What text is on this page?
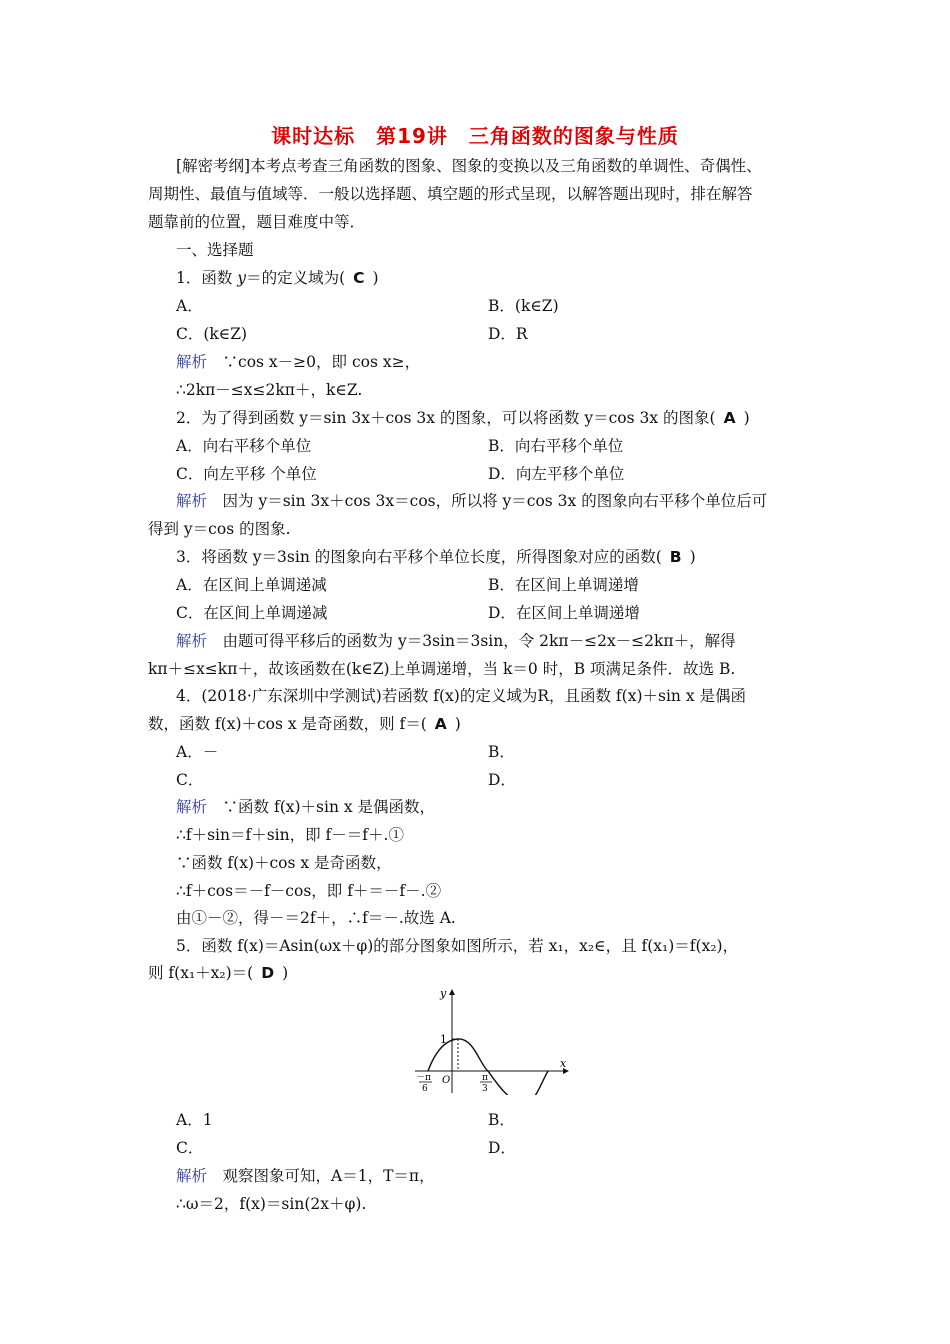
课时达标　第19讲　三角函数的图象与性质
[解密考纲]本考点考查三角函数的图象、图象的变换以及三角函数的单调性、奇偶性、
周期性、最值与值域等．一般以选择题、填空题的形式呈现，以解答题出现时，排在解答
题靠前的位置，题目难度中等．
一、选择题
1．函数 y＝的定义域为( C )
A．	B．(k∈Z)
C．(k∈Z)	D．R
解析　 ∵cos x－≥0，即 cos x≥，
∴2kπ－≤x≤2kπ＋，k∈Z.
2．为了得到函数 y＝sin 3x＋cos 3x 的图象，可以将函数 y＝cos 3x 的图象( A )
A．向右平移个单位	B．向右平移个单位
C．向左平移 个单位	D．向左平移个单位
解析　 因为 y＝sin 3x＋cos 3x＝cos，所以将 y＝cos 3x 的图象向右平移个单位后可
得到 y＝cos 的图象.
3．将函数 y＝3sin 的图象向右平移个单位长度，所得图象对应的函数( B )
A．在区间上单调递减	B．在区间上单调递增
C．在区间上单调递减	D．在区间上单调递增
解析　 由题可得平移后的函数为 y＝3sin＝3sin，令 2kπ－≤2x－≤2kπ＋，解得
kπ＋≤x≤kπ＋，故该函数在(k∈Z)上单调递增，当 k＝0 时，B 项满足条件．故选 B.
4．(2018·广东深圳中学测试)若函数 f(x)的定义域为R，且函数 f(x)＋sin x 是偶函
数，函数 f(x)＋cos x 是奇函数，则 f＝( A )
A．－	B．
C．	D．
解析　 ∵函数 f(x)＋sin x 是偶函数，
∴f＋sin＝f＋sin，即 f－＝f＋.①
∵函数 f(x)＋cos x 是奇函数，
∴f＋cos＝－f－cos，即 f＋＝－f－.②
由①－②，得－＝2f＋，∴f＝－.故选 A.
5．函数 f(x)＝Asin(ωx＋φ)的部分图象如图所示，若 x₁，x₂∈，且 f(x₁)＝f(x₂)，
则 f(x₁＋x₂)＝( D )
y
x
1
O
－π
6
π
3
A．1	B．
C．	D．
解析　 观察图象可知，A＝1，T＝π，
∴ω＝2，f(x)＝sin(2x＋φ).
